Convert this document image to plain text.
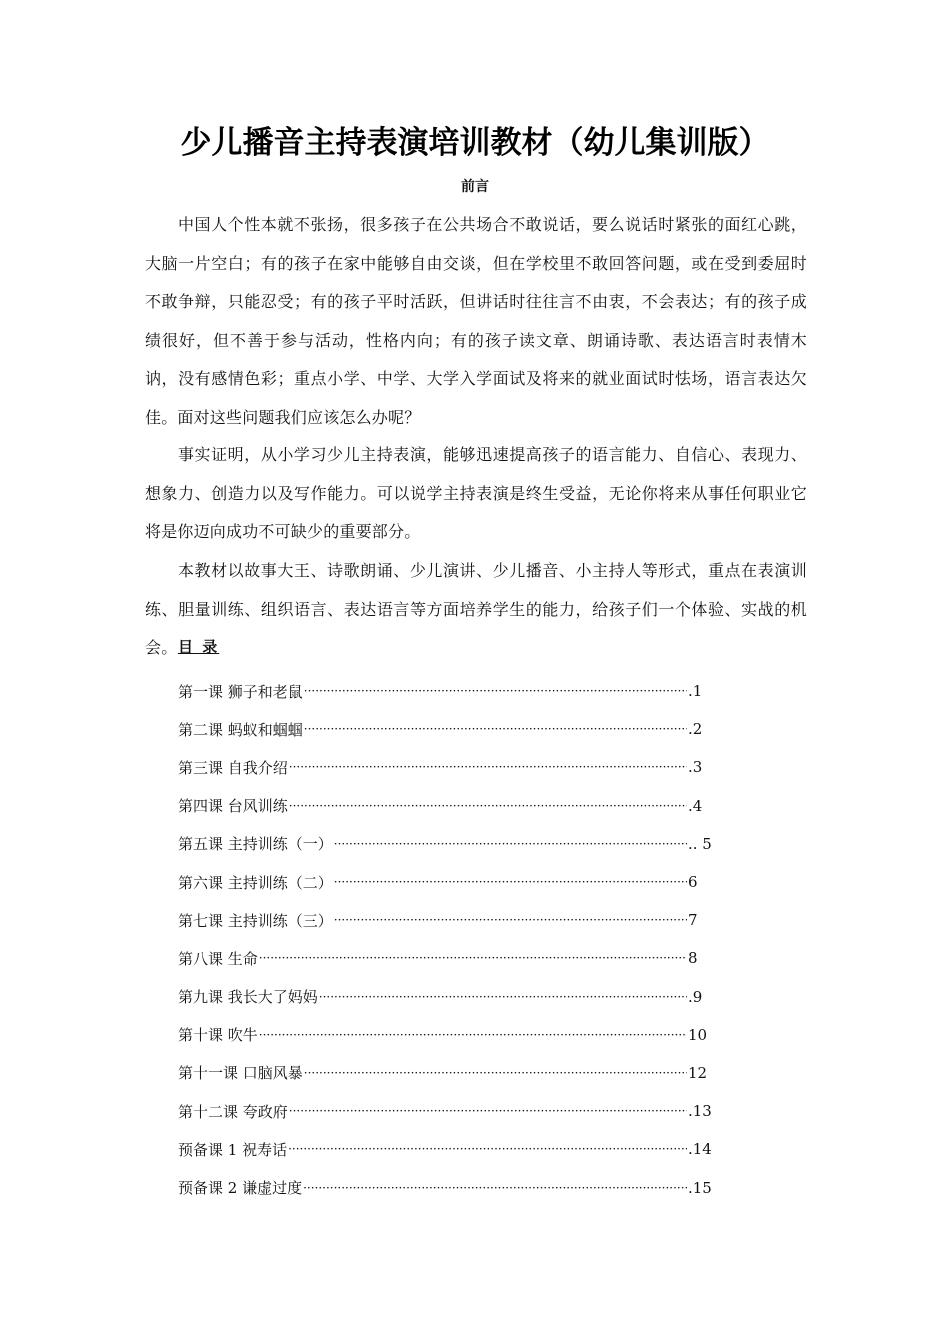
少儿播音主持表演培训教材（幼儿集训版）
前言

中国人个性本就不张扬，很多孩子在公共场合不敢说话，要么说话时紧张的面红心跳，大脑一片空白；有的孩子在家中能够自由交谈，但在学校里不敢回答问题，或在受到委屈时不敢争辩，只能忍受；有的孩子平时活跃，但讲话时往往言不由衷，不会表达；有的孩子成绩很好，但不善于参与活动，性格内向；有的孩子读文章、朗诵诗歌、表达语言时表情木讷，没有感情色彩；重点小学、中学、大学入学面试及将来的就业面试时怯场，语言表达欠佳。面对这些问题我们应该怎么办呢？

事实证明，从小学习少儿主持表演，能够迅速提高孩子的语言能力、自信心、表现力、想象力、创造力以及写作能力。可以说学主持表演是终生受益，无论你将来从事任何职业它将是你迈向成功不可缺少的重要部分。

本教材以故事大王、诗歌朗诵、少儿演讲、少儿播音、小主持人等形式，重点在表演训练、胆量训练、组织语言、表达语言等方面培养学生的能力，给孩子们一个体验、实战的机会。 目 录
第一课 狮子和老鼠 ·····	.1
第二课 蚂蚁和蝈蝈 ·····	.2
第三课 自我介绍 ·····	.3
第四课 台风训练 ·····	.4
第五课 主持训练（一） ·····	.. 5
第六课 主持训练（二） ·····	6
第七课 主持训练（三） ·····	7
第八课 生命 ·····	8
第九课 我长大了妈妈 ·····	.9
第十课 吹牛 ·····	10
第十一课 口脑风暴 ·····	12
第十二课 夸政府 ·····	.13
预备课 1 祝寿话 ·····	.14
预备课 2 谦虚过度 ·····	.15
